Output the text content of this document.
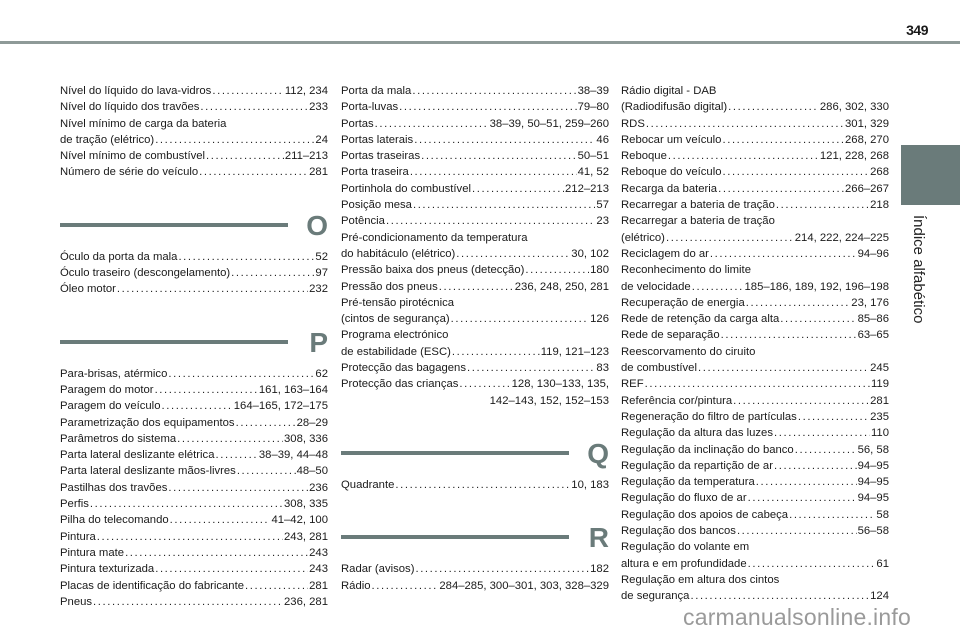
349
Índice alfabético
Nível do líquido do lava-vidros .....	112, 234
Nível do líquido dos travões .....	233
Nível mínimo de carga da bateria
de tração (elétrico) .....	24
Nível mínimo de combustível .....	211–213
Número de série do veículo .....	281
O
Óculo da porta da mala .....	52
Óculo traseiro (descongelamento) .....	97
Óleo motor .....	232
P
Para-brisas, atérmico .....	62
Paragem do motor .....	161, 163–164
Paragem do veículo .....	164–165, 172–175
Parametrização dos equipamentos .....	28–29
Parâmetros do sistema .....	308, 336
Parta lateral deslizante elétrica .....	38–39, 44–48
Parta lateral deslizante mãos-livres .....	48–50
Pastilhas dos travões .....	236
Perfis .....	308, 335
Pilha do telecomando .....	41–42, 100
Pintura .....	243, 281
Pintura mate .....	243
Pintura texturizada .....	243
Placas de identificação do fabricante .....	281
Pneus .....	236, 281
Porta da mala .....	38–39
Porta-luvas .....	79–80
Portas .....	38–39, 50–51, 259–260
Portas laterais .....	46
Portas traseiras .....	50–51
Porta traseira .....	41, 52
Portinhola do combustível .....	212–213
Posição mesa .....	57
Potência .....	23
Pré-condicionamento da temperatura
do habitáculo (elétrico) .....	30, 102
Pressão baixa dos pneus (detecção) .....	180
Pressão dos pneus .....	236, 248, 250, 281
Pré-tensão pirotécnica
(cintos de segurança) .....	126
Programa electrónico
de estabilidade (ESC) .....	119, 121–123
Protecção das bagagens .....	83
Protecção das crianças .....	128, 130–133, 135,
142–143, 152, 152–153
Q
Quadrante .....	10, 183
R
Radar (avisos) .....	182
Rádio .....	284–285, 300–301, 303, 328–329
Rádio digital - DAB
(Radiodifusão digital) .....	286, 302, 330
RDS .....	301, 329
Rebocar um veículo .....	268, 270
Reboque .....	121, 228, 268
Reboque do veículo .....	268
Recarga da bateria .....	266–267
Recarregar a bateria de tração .....	218
Recarregar a bateria de tração
(elétrico) .....	214, 222, 224–225
Reciclagem do ar .....	94–96
Reconhecimento do limite
de velocidade .....	185–186, 189, 192, 196–198
Recuperação de energia .....	23, 176
Rede de retenção da carga alta .....	85–86
Rede de separação .....	63–65
Reescorvamento do ciruito
de combustível .....	245
REF .....	119
Referência cor/pintura .....	281
Regeneração do filtro de partículas .....	235
Regulação da altura das luzes .....	110
Regulação da inclinação do banco .....	56, 58
Regulação da repartição de ar .....	94–95
Regulação da temperatura .....	94–95
Regulação do fluxo de ar .....	94–95
Regulação dos apoios de cabeça .....	58
Regulação dos bancos .....	56–58
Regulação do volante em
altura e em profundidade .....	61
Regulação em altura dos cintos
de segurança .....	124
carmanualsonline.info
